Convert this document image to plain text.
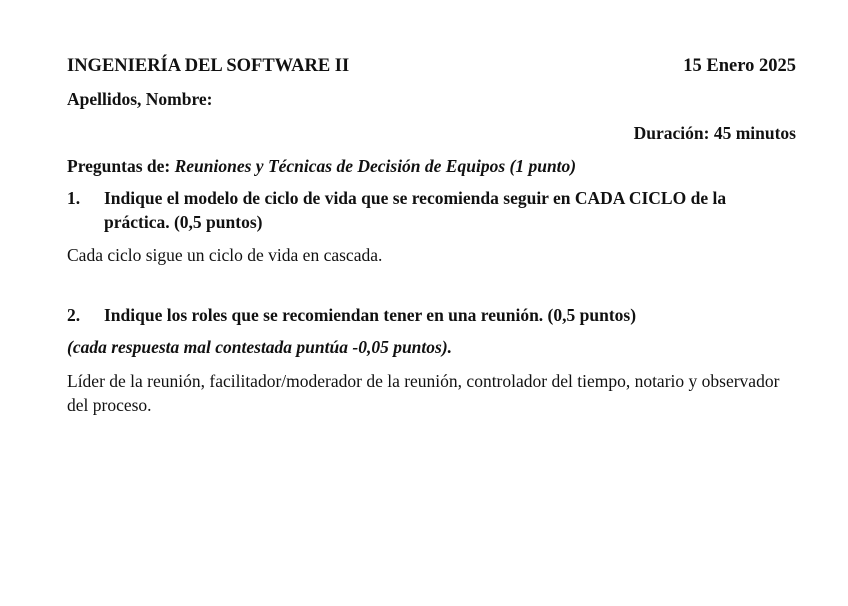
INGENIERÍA DEL SOFTWARE II	15 Enero 2025
Apellidos, Nombre:
Duración: 45 minutos
Preguntas de: Reuniones y Técnicas de Decisión de Equipos (1 punto)
1.	Indique el modelo de ciclo de vida que se recomienda seguir en CADA CICLO de la práctica. (0,5 puntos)
Cada ciclo sigue un ciclo de vida en cascada.
2.	Indique los roles que se recomiendan tener en una reunión. (0,5 puntos)
(cada respuesta mal contestada puntúa -0,05 puntos).
Líder de la reunión, facilitador/moderador de la reunión, controlador del tiempo, notario y observador del proceso.
